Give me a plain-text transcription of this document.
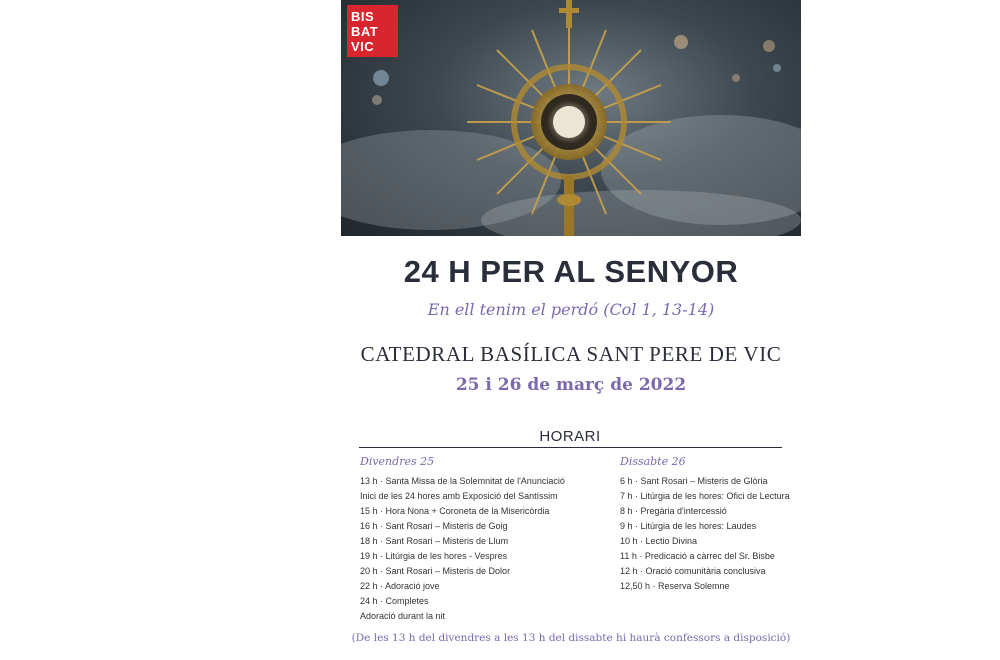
BIS
BAT
VIC
24 H PER AL SENYOR
En ell tenim el perdó (Col 1, 13-14)
CATEDRAL BASÍLICA SANT PERE DE VIC
25 i 26 de març de 2022
HORARI
Divendres 25
13 h · Santa Missa de la Solemnitat de l'Anunciació
Inici de les 24 hores amb Exposició del Santíssim
15 h · Hora Nona + Coroneta de la Misericòrdia
16 h · Sant Rosari – Misteris de Goig
18 h · Sant Rosari – Misteris de Llum
19 h · Litúrgia de les hores - Vespres
20 h · Sant Rosari – Misteris de Dolor
22 h · Adoració jove
24 h · Completes
Adoració durant la nit
Dissabte 26
6 h · Sant Rosari – Misteris de Glòria
7 h · Litúrgia de les hores: Ofici de Lectura
8 h · Pregària d'intercessió
9 h · Litúrgia de les hores: Laudes
10 h · Lectio Divina
11 h · Predicació a càrrec del Sr. Bisbe
12 h · Oració comunitària conclusiva
12,50 h · Reserva Solemne
(De les 13 h del divendres a les 13 h del dissabte hi haurà confessors a disposició)
